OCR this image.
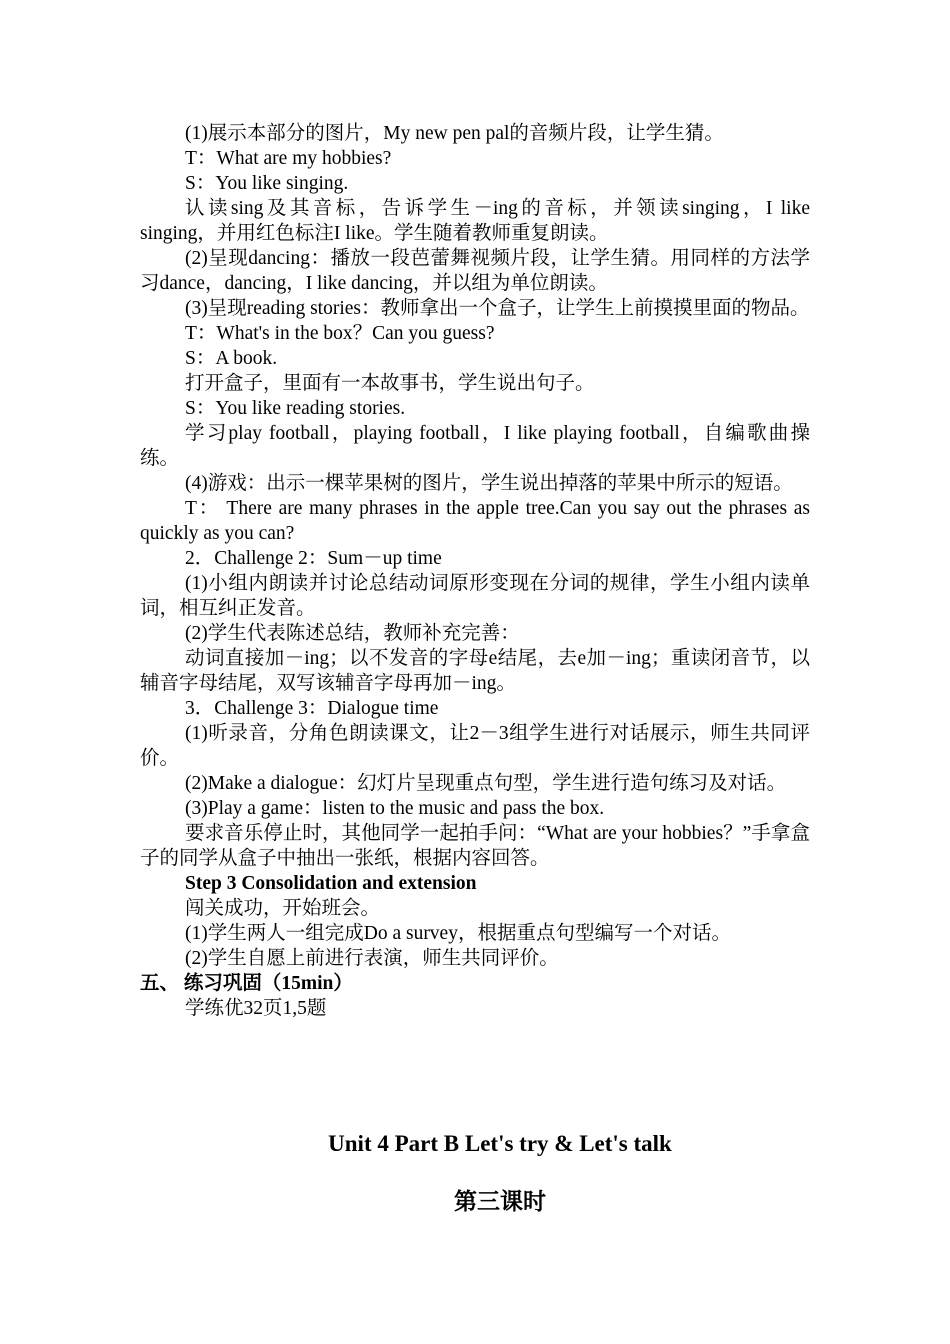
(1)展示本部分的图片，My new pen pal的音频片段，让学生猜。

T：What are my hobbies?

S：You like singing.

认读sing及其音标，告诉学生－ing的音标，并领读singing，I like singing，并用红色标注I like。学生随着教师重复朗读。

(2)呈现dancing：播放一段芭蕾舞视频片段，让学生猜。用同样的方法学习dance，dancing，I like dancing，并以组为单位朗读。

(3)呈现reading stories：教师拿出一个盒子，让学生上前摸摸里面的物品。

T：What's in the box？Can you guess?

S：A book.

打开盒子，里面有一本故事书，学生说出句子。

S：You like reading stories.

学习play football，playing football，I like playing football，自编歌曲操练。

(4)游戏：出示一棵苹果树的图片，学生说出掉落的苹果中所示的短语。

T： There are many phrases in the apple tree.Can you say out the phrases as quickly as you can?

2．Challenge 2：Sum－up time

(1)小组内朗读并讨论总结动词原形变现在分词的规律，学生小组内读单词，相互纠正发音。

(2)学生代表陈述总结，教师补充完善：

动词直接加－ing；以不发音的字母e结尾，去e加－ing；重读闭音节，以辅音字母结尾，双写该辅音字母再加－ing。

3．Challenge 3：Dialogue time

(1)听录音，分角色朗读课文，让2－3组学生进行对话展示，师生共同评价。

(2)Make a dialogue：幻灯片呈现重点句型，学生进行造句练习及对话。

(3)Play a game：listen to the music and pass the box.

要求音乐停止时，其他同学一起拍手问：“What are your hobbies？”手拿盒子的同学从盒子中抽出一张纸，根据内容回答。

Step 3 Consolidation and extension

闯关成功，开始班会。

(1)学生两人一组完成Do a survey，根据重点句型编写一个对话。

(2)学生自愿上前进行表演，师生共同评价。

五、 练习巩固（15min）

学练优32页1,5题

Unit 4 Part B Let's try & Let's talk
第三课时
